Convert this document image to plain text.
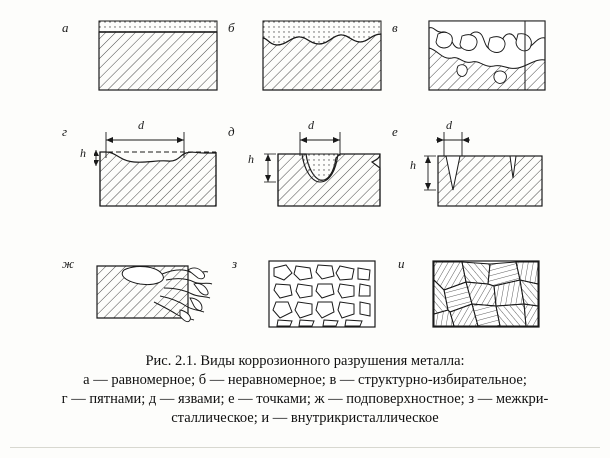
а	б	в
г	d
h
д	d
h
е	d
h
ж	з	и
Рис. 2.1. Виды коррозионного разрушения металла:
а — равномерное; б — неравномерное; в — структурно-избирательное;
г — пятнами; д — язвами; е — точками; ж — подповерхностное; з — межкри-
сталлическое; и — внутрикристаллическое
